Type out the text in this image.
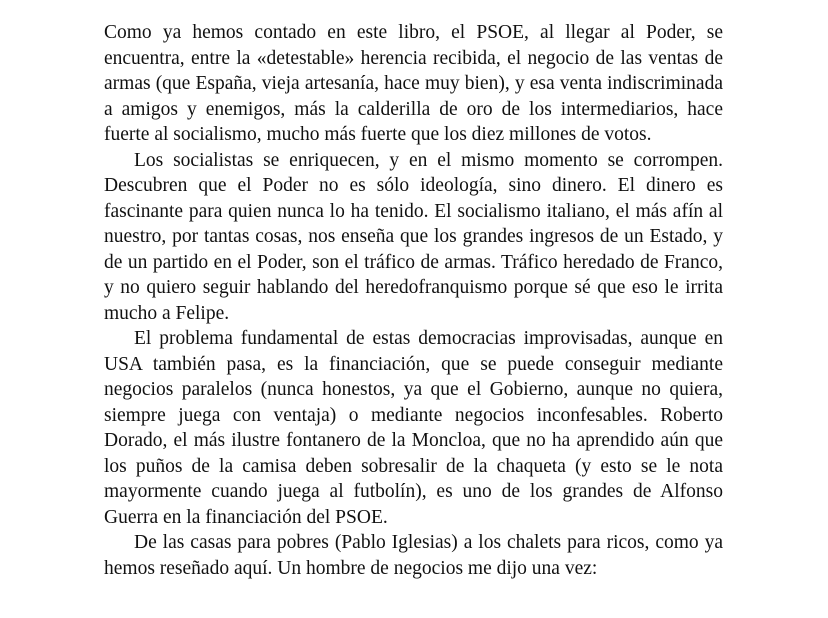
Como ya hemos contado en este libro, el PSOE, al llegar al Poder, se encuentra, entre la «detestable» herencia recibida, el negocio de las ventas de armas (que España, vieja artesanía, hace muy bien), y esa venta indiscriminada a amigos y enemigos, más la calderilla de oro de los intermediarios, hace fuerte al socialismo, mucho más fuerte que los diez millones de votos.

Los socialistas se enriquecen, y en el mismo momento se corrompen. Descubren que el Poder no es sólo ideología, sino dinero. El dinero es fascinante para quien nunca lo ha tenido. El socialismo italiano, el más afín al nuestro, por tantas cosas, nos enseña que los grandes ingresos de un Estado, y de un partido en el Poder, son el tráfico de armas. Tráfico heredado de Franco, y no quiero seguir hablando del heredofranquismo porque sé que eso le irrita mucho a Felipe.

El problema fundamental de estas democracias improvisadas, aunque en USA también pasa, es la financiación, que se puede conseguir mediante negocios paralelos (nunca honestos, ya que el Gobierno, aunque no quiera, siempre juega con ventaja) o mediante negocios inconfesables. Roberto Dorado, el más ilustre fontanero de la Moncloa, que no ha aprendido aún que los puños de la camisa deben sobresalir de la chaqueta (y esto se le nota mayormente cuando juega al futbolín), es uno de los grandes de Alfonso Guerra en la financiación del PSOE.

De las casas para pobres (Pablo Iglesias) a los chalets para ricos, como ya hemos reseñado aquí. Un hombre de negocios me dijo una vez:
